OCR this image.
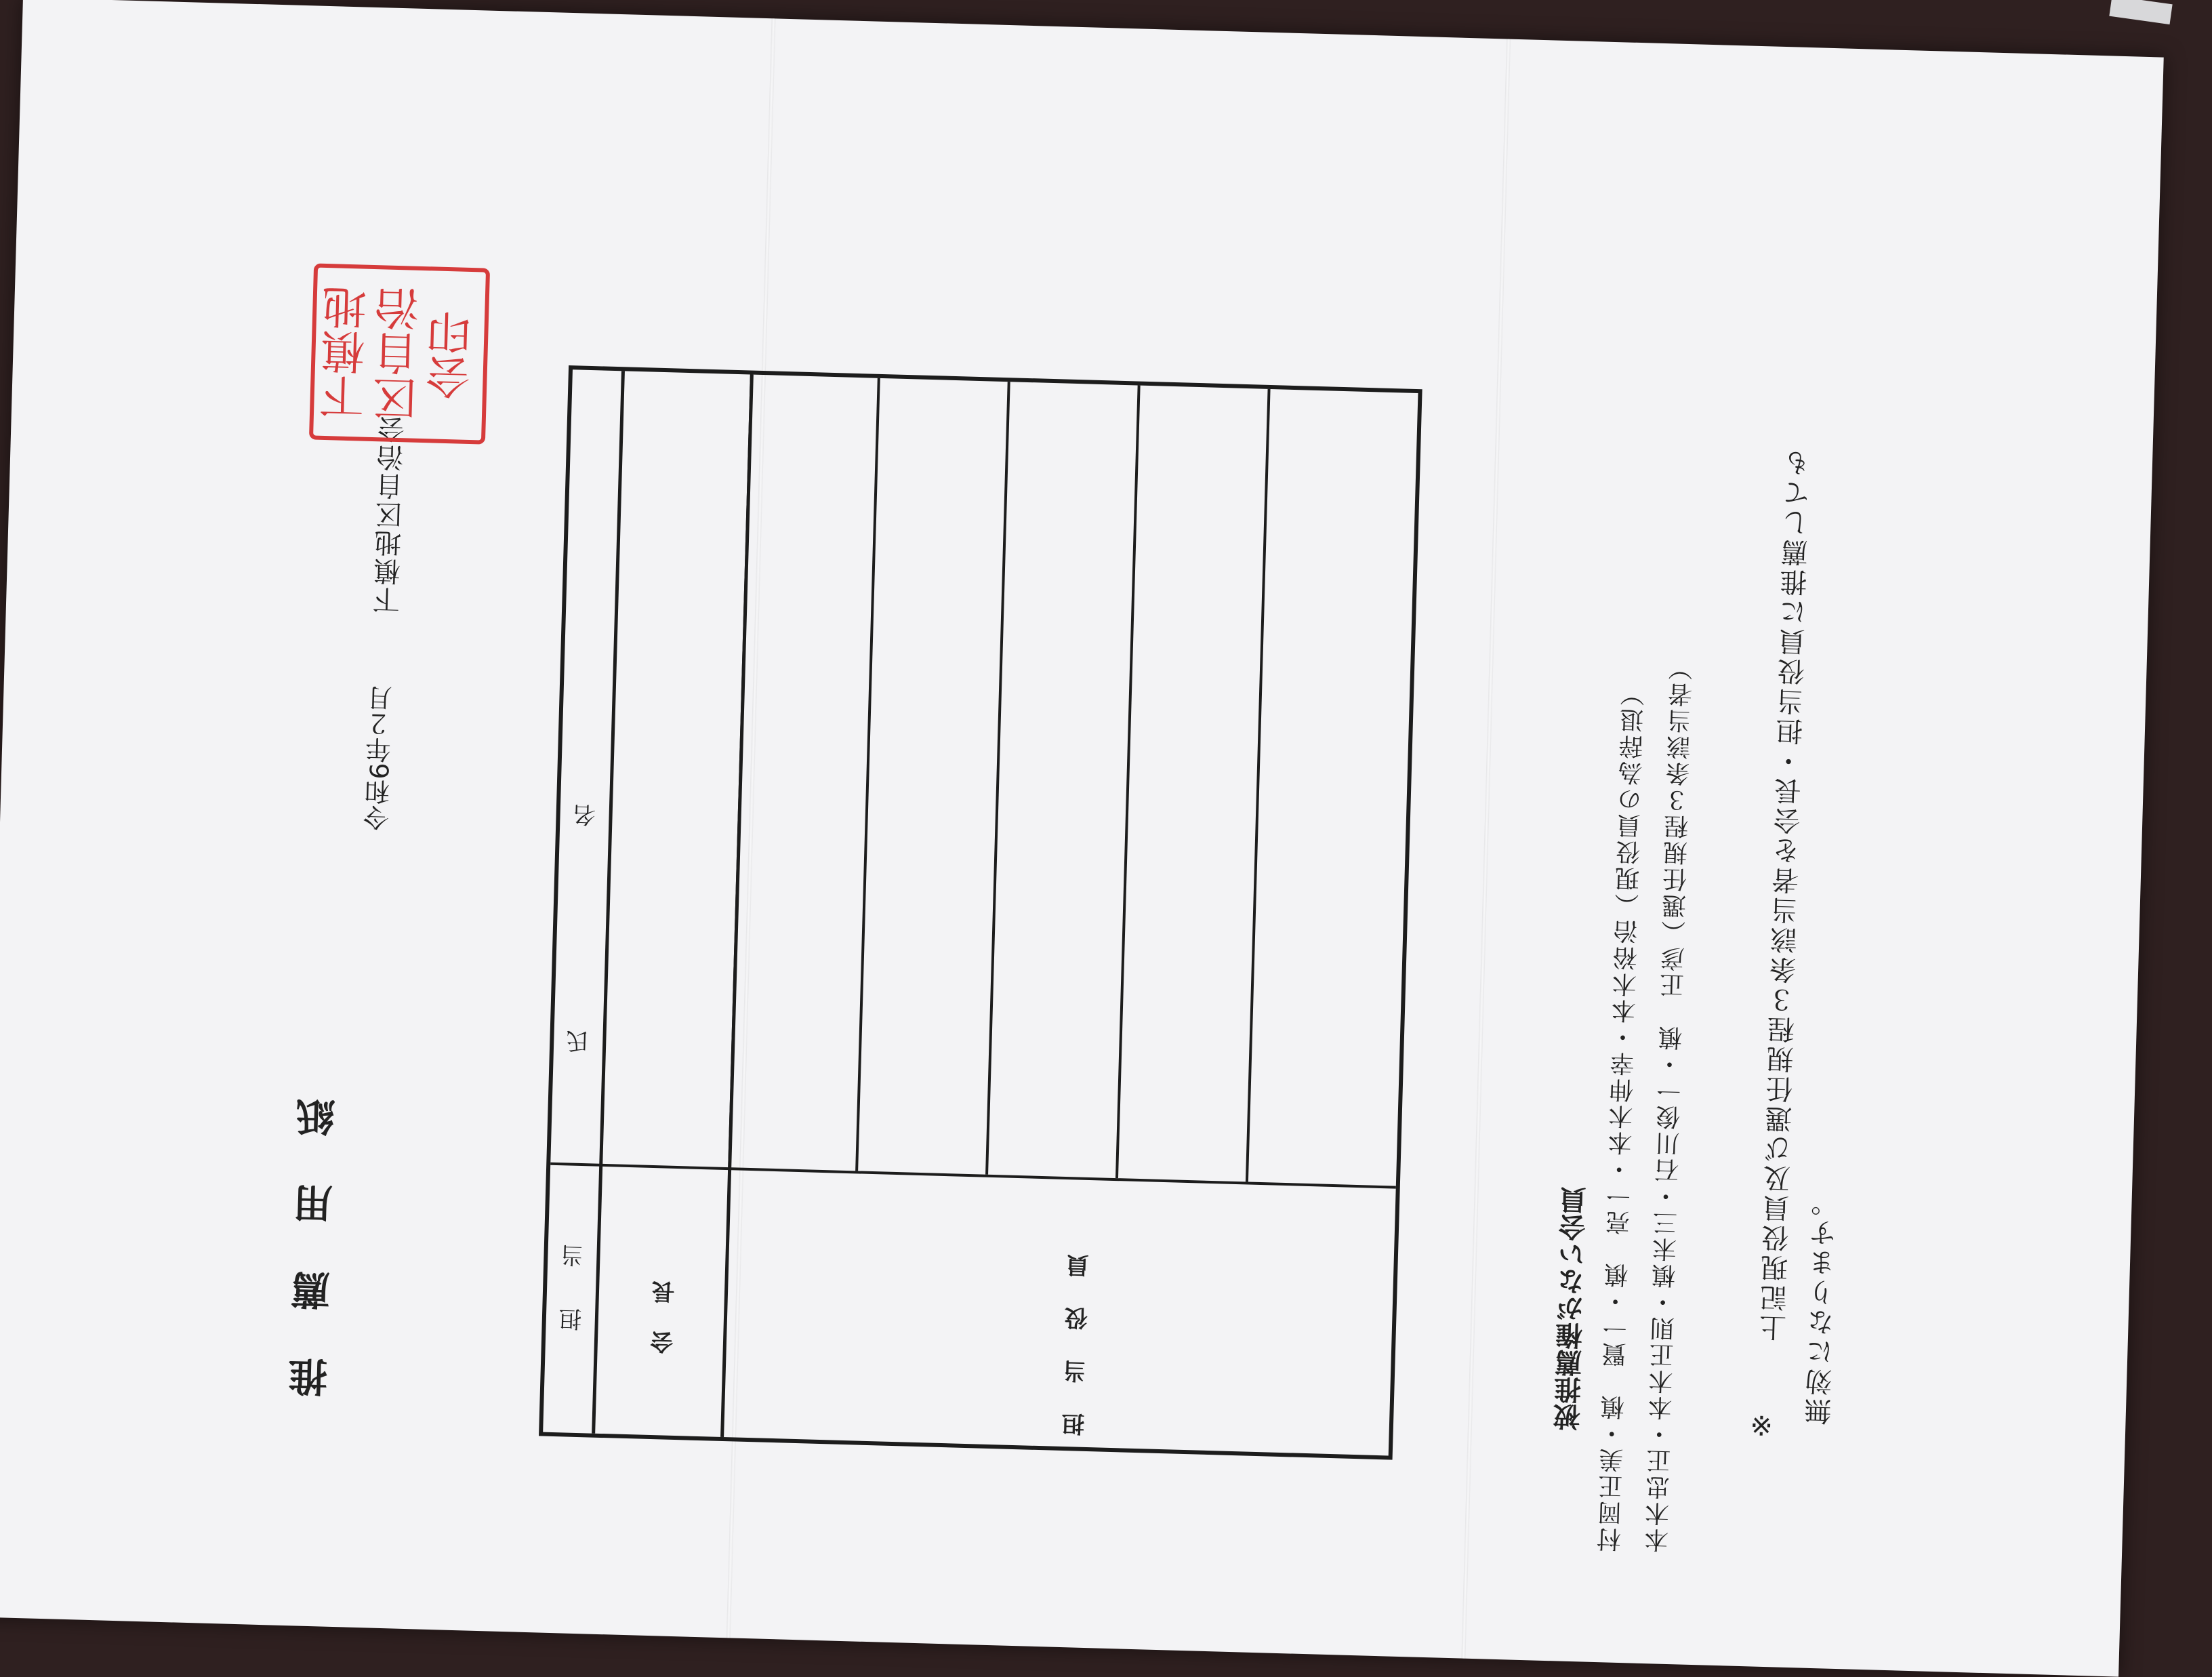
推薦用紙
令和6年２月
下槙地区自治会
下槙地区自治会印
担当
氏名
会長	担当役員	被推薦権がない会員 村岡正美・槙　賢一・槙　亮一・本木伸幸・本木裕治（現役員の為辞退）
本木忠正・本木正則・槙末三・石川俊一・槙　正彦（選任規程３条該当者） ※
上記現役員及び選任規程３条該当者を会長・担当役員に推薦しても
無効になります。
